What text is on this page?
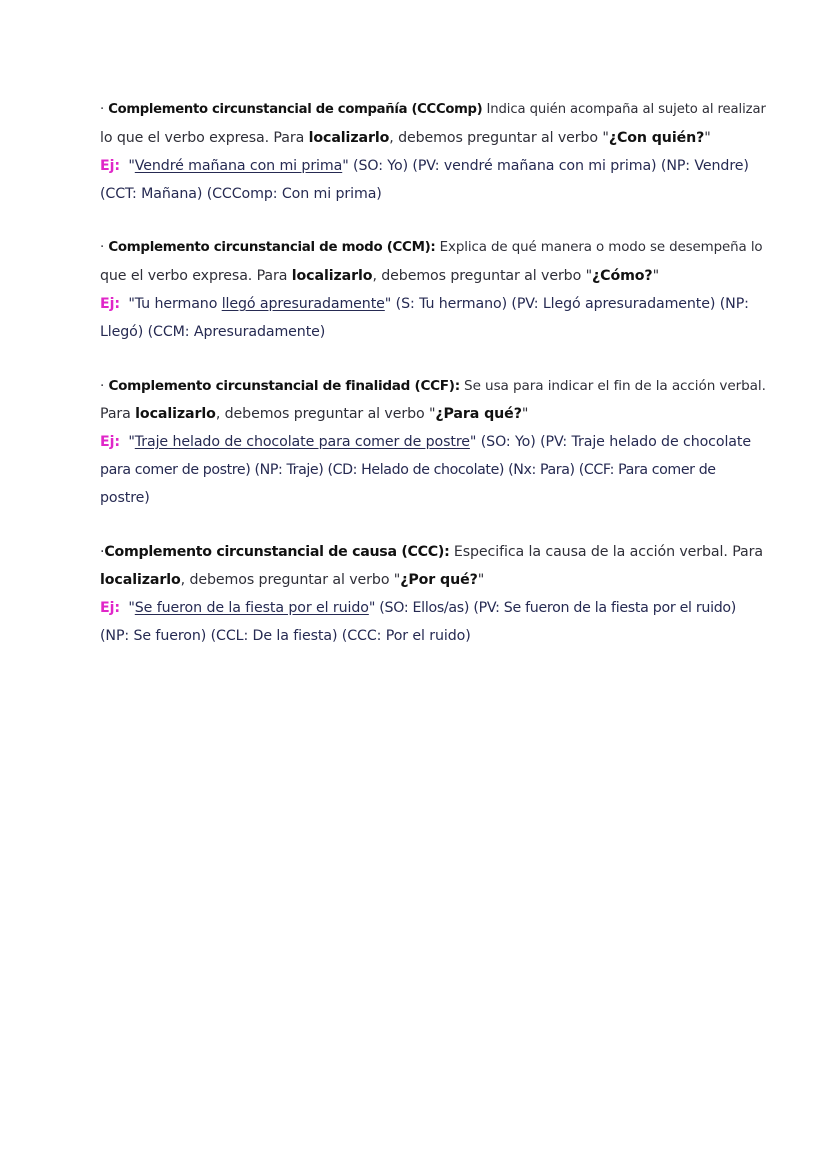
· Complemento circunstancial de compañía (CCComp) Indica quién acompaña al sujeto al realizar
lo que el verbo expresa. Para localizarlo, debemos preguntar al verbo "¿Con quién?"
Ej: "Vendré mañana con mi prima" (SO: Yo) (PV: vendré mañana con mi prima) (NP: Vendre)
(CCT: Mañana) (CCComp: Con mi prima)
· Complemento circunstancial de modo (CCM): Explica de qué manera o modo se desempeña lo
que el verbo expresa. Para localizarlo, debemos preguntar al verbo "¿Cómo?"
Ej: "Tu hermano llegó apresuradamente" (S: Tu hermano) (PV: Llegó apresuradamente) (NP:
Llegó) (CCM: Apresuradamente)
· Complemento circunstancial de finalidad (CCF): Se usa para indicar el fin de la acción verbal.
Para localizarlo, debemos preguntar al verbo "¿Para qué?"
Ej: "Traje helado de chocolate para comer de postre" (SO: Yo) (PV: Traje helado de chocolate
para comer de postre) (NP: Traje) (CD: Helado de chocolate) (Nx: Para) (CCF: Para comer de
postre)
·Complemento circunstancial de causa (CCC): Especifica la causa de la acción verbal. Para
localizarlo, debemos preguntar al verbo "¿Por qué?"
Ej: "Se fueron de la fiesta por el ruido" (SO: Ellos/as) (PV: Se fueron de la fiesta por el ruido)
(NP: Se fueron) (CCL: De la fiesta) (CCC: Por el ruido)
